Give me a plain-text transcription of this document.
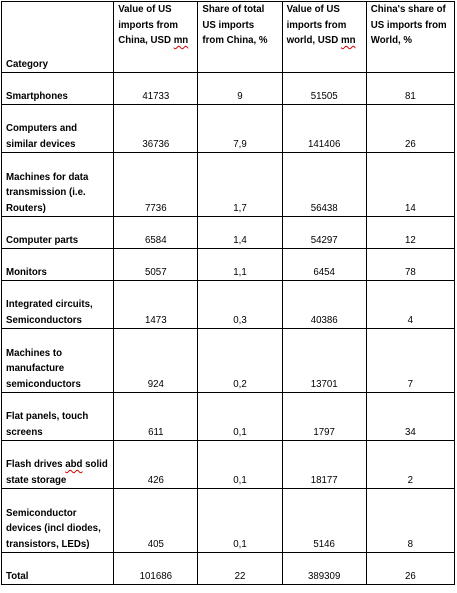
Category	Value of US imports from China, USD mn	Share of total US imports from China, %	Value of US imports from world, USD mn	China's share of US imports from World, %
Smartphones	41733	9	51505	81
Computers and similar devices	36736	7,9	141406	26
Machines for data transmission (i.e. Routers)	7736	1,7	56438	14
Computer parts	6584	1,4	54297	12
Monitors	5057	1,1	6454	78
Integrated circuits, Semiconductors	1473	0,3	40386	4
Machines to manufacture semiconductors	924	0,2	13701	7
Flat panels, touch screens	611	0,1	1797	34
Flash drives abd solid state storage	426	0,1	18177	2
Semiconductor devices (incl diodes, transistors, LEDs)	405	0,1	5146	8
Total	101686	22	389309	26
